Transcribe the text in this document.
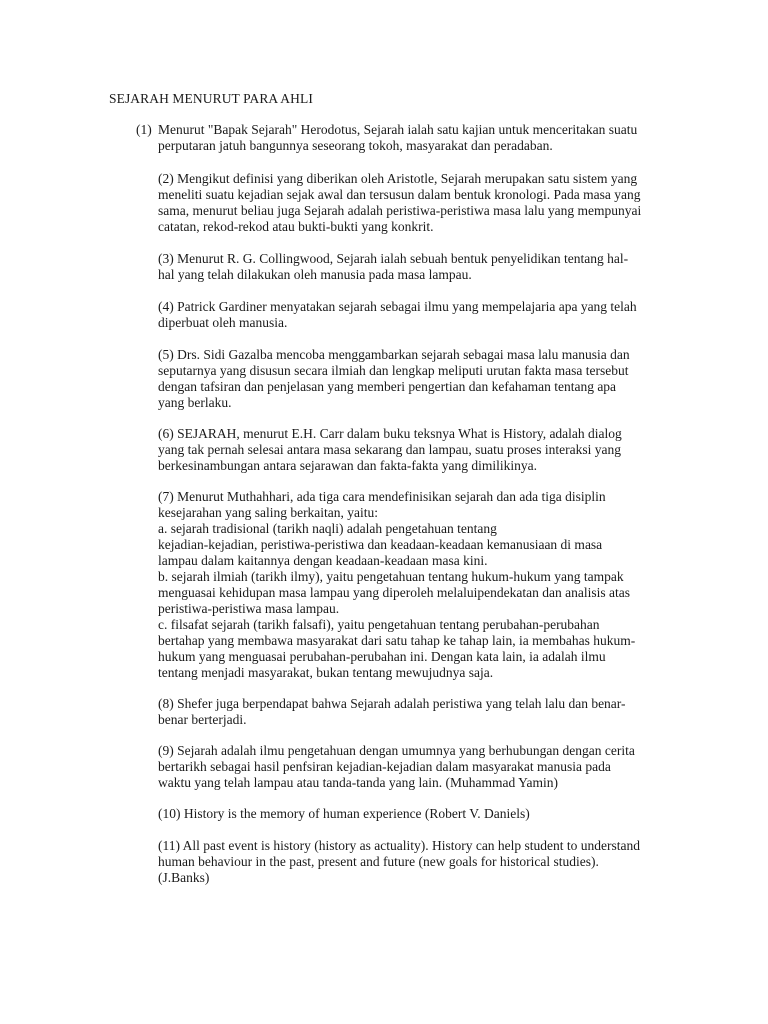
SEJARAH MENURUT PARA AHLI
(1) Menurut "Bapak Sejarah" Herodotus, Sejarah ialah satu kajian untuk menceritakan suatu
perputaran jatuh bangunnya seseorang tokoh, masyarakat dan peradaban.
(2) Mengikut definisi yang diberikan oleh Aristotle, Sejarah merupakan satu sistem yang
meneliti suatu kejadian sejak awal dan tersusun dalam bentuk kronologi. Pada masa yang
sama, menurut beliau juga Sejarah adalah peristiwa-peristiwa masa lalu yang mempunyai
catatan, rekod-rekod atau bukti-bukti yang konkrit.
(3) Menurut R. G. Collingwood, Sejarah ialah sebuah bentuk penyelidikan tentang hal-
hal yang telah dilakukan oleh manusia pada masa lampau.
(4) Patrick Gardiner menyatakan sejarah sebagai ilmu yang mempelajaria apa yang telah
diperbuat oleh manusia.
(5) Drs. Sidi Gazalba mencoba menggambarkan sejarah sebagai masa lalu manusia dan
seputarnya yang disusun secara ilmiah dan lengkap meliputi urutan fakta masa tersebut
dengan tafsiran dan penjelasan yang memberi pengertian dan kefahaman tentang apa
yang berlaku.
(6) SEJARAH, menurut E.H. Carr dalam buku teksnya What is History, adalah dialog
yang tak pernah selesai antara masa sekarang dan lampau, suatu proses interaksi yang
berkesinambungan antara sejarawan dan fakta-fakta yang dimilikinya.
(7) Menurut Muthahhari, ada tiga cara mendefinisikan sejarah dan ada tiga disiplin
kesejarahan yang saling berkaitan, yaitu:
a. sejarah tradisional (tarikh naqli) adalah pengetahuan tentang
kejadian-kejadian, peristiwa-peristiwa dan keadaan-keadaan kemanusiaan di masa
lampau dalam kaitannya dengan keadaan-keadaan masa kini.
b. sejarah ilmiah (tarikh ilmy), yaitu pengetahuan tentang hukum-hukum yang tampak
menguasai kehidupan masa lampau yang diperoleh melaluipendekatan dan analisis atas
peristiwa-peristiwa masa lampau.
c. filsafat sejarah (tarikh falsafi), yaitu pengetahuan tentang perubahan-perubahan
bertahap yang membawa masyarakat dari satu tahap ke tahap lain, ia membahas hukum-
hukum yang menguasai perubahan-perubahan ini. Dengan kata lain, ia adalah ilmu
tentang menjadi masyarakat, bukan tentang mewujudnya saja.
(8) Shefer juga berpendapat bahwa Sejarah adalah peristiwa yang telah lalu dan benar-
benar berterjadi.
(9) Sejarah adalah ilmu pengetahuan dengan umumnya yang berhubungan dengan cerita
bertarikh sebagai hasil penfsiran kejadian-kejadian dalam masyarakat manusia pada
waktu yang telah lampau atau tanda-tanda yang lain. (Muhammad Yamin)
(10) History is the memory of human experience (Robert V. Daniels)
(11) All past event is history (history as actuality). History can help student to understand
human behaviour in the past, present and future (new goals for historical studies).
(J.Banks)
